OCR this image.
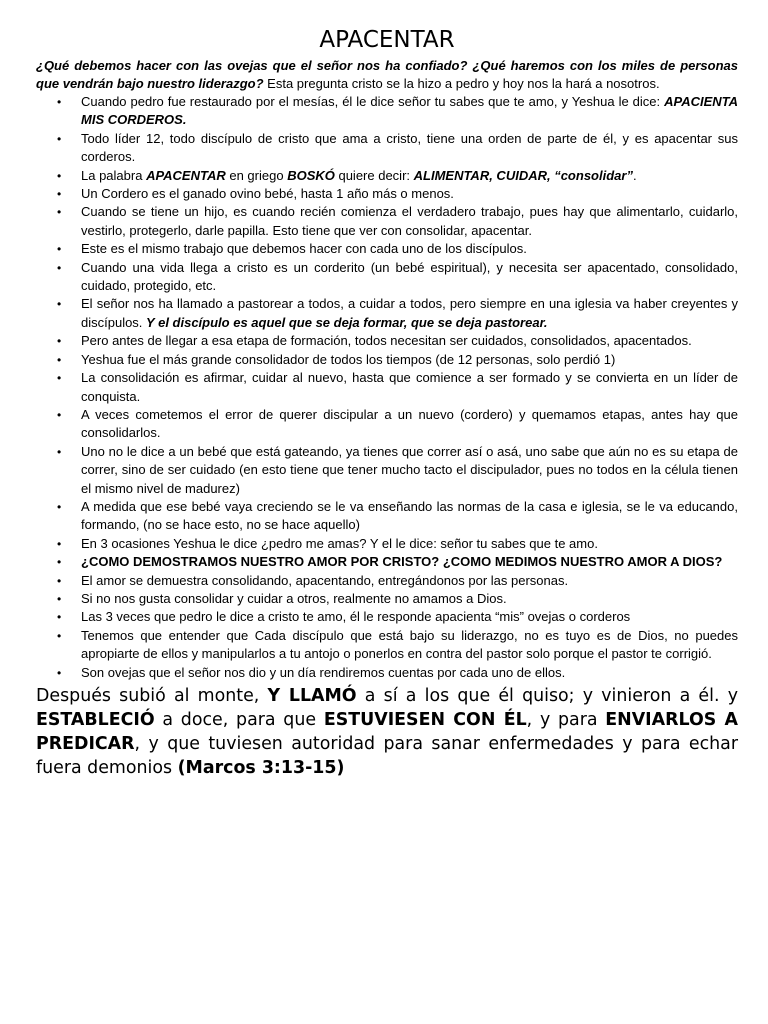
APACENTAR

¿Qué debemos hacer con las ovejas que el señor nos ha confiado? ¿Qué haremos con los miles de personas que vendrán bajo nuestro liderazgo? Esta pregunta cristo se la hizo a pedro y hoy nos la hará a nosotros.

• Cuando pedro fue restaurado por el mesías, él le dice señor tu sabes que te amo, y Yeshua le dice: APACIENTA MIS CORDEROS.
• Todo líder 12, todo discípulo de cristo que ama a cristo, tiene una orden de parte de él, y es apacentar sus corderos.
• La palabra APACENTAR en griego BOSKÓ quiere decir: ALIMENTAR, CUIDAR, “consolidar”.
• Un Cordero es el ganado ovino bebé, hasta 1 año más o menos.
• Cuando se tiene un hijo, es cuando recién comienza el verdadero trabajo, pues hay que alimentarlo, cuidarlo, vestirlo, protegerlo, darle papilla. Esto tiene que ver con consolidar, apacentar.
• Este es el mismo trabajo que debemos hacer con cada uno de los discípulos.
• Cuando una vida llega a cristo es un corderito (un bebé espiritual), y necesita ser apacentado, consolidado, cuidado, protegido, etc.
• El señor nos ha llamado a pastorear a todos, a cuidar a todos, pero siempre en una iglesia va haber creyentes y discípulos. Y el discípulo es aquel que se deja formar, que se deja pastorear.
• Pero antes de llegar a esa etapa de formación, todos necesitan ser cuidados, consolidados, apacentados.
• Yeshua fue el más grande consolidador de todos los tiempos (de 12 personas, solo perdió 1)
• La consolidación es afirmar, cuidar al nuevo, hasta que comience a ser formado y se convierta en un líder de conquista.
• A veces cometemos el error de querer discipular a un nuevo (cordero) y quemamos etapas, antes hay que consolidarlos.
• Uno no le dice a un bebé que está gateando, ya tienes que correr así o asá, uno sabe que aún no es su etapa de correr, sino de ser cuidado (en esto tiene que tener mucho tacto el discipulador, pues no todos en la célula tienen el mismo nivel de madurez)
• A medida que ese bebé vaya creciendo se le va enseñando las normas de la casa e iglesia, se le va educando, formando, (no se hace esto, no se hace aquello)
• En 3 ocasiones Yeshua le dice ¿pedro me amas? Y el le dice: señor tu sabes que te amo.
• ¿COMO DEMOSTRAMOS NUESTRO AMOR POR CRISTO? ¿COMO MEDIMOS NUESTRO AMOR A DIOS?
• El amor se demuestra consolidando, apacentando, entregándonos por las personas.
• Si no nos gusta consolidar y cuidar a otros, realmente no amamos a Dios.
• Las 3 veces que pedro le dice a cristo te amo, él le responde apacienta “mis” ovejas o corderos
• Tenemos que entender que Cada discípulo que está bajo su liderazgo, no es tuyo es de Dios, no puedes apropiarte de ellos y manipularlos a tu antojo o ponerlos en contra del pastor solo porque el pastor te corrigió.
• Son ovejas que el señor nos dio y un día rendiremos cuentas por cada uno de ellos.

Después subió al monte, Y LLAMÓ a sí a los que él quiso; y vinieron a él. y ESTABLECIÓ a doce, para que ESTUVIESEN CON ÉL, y para ENVIARLOS A PREDICAR, y que tuviesen autoridad para sanar enfermedades y para echar fuera demonios (Marcos 3:13-15)
